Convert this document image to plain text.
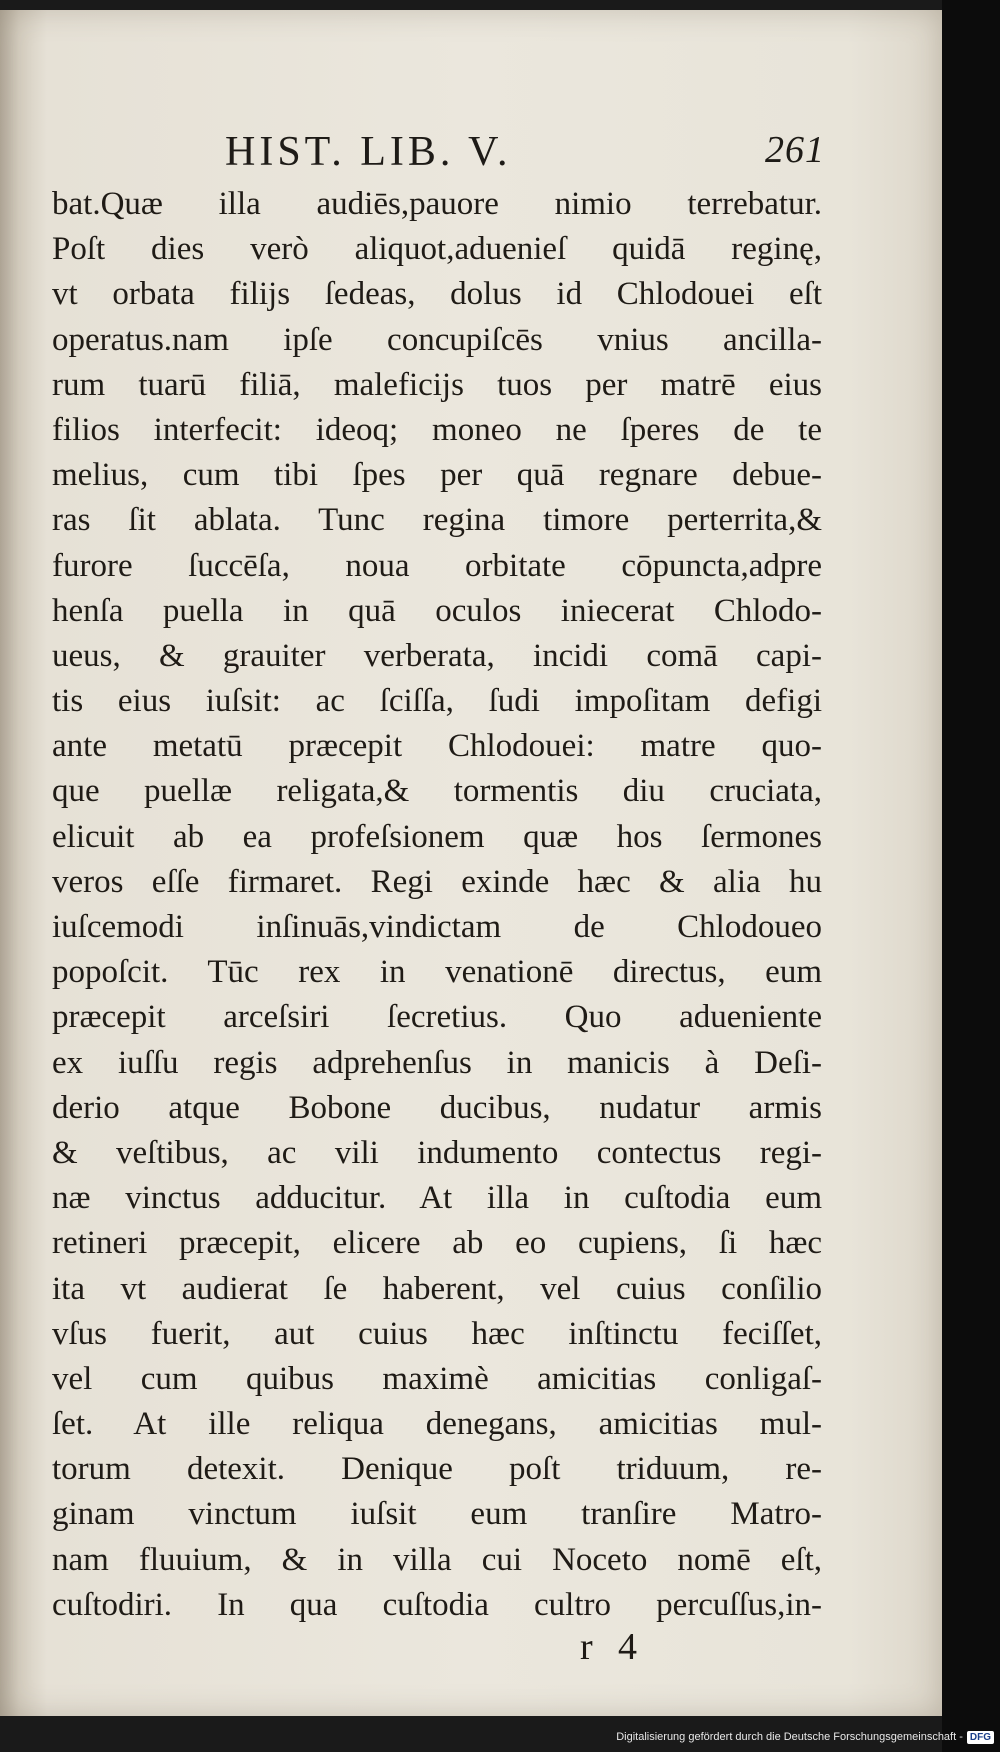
HIST. LIB. V.	261
bat.Quæ illa audiēs,pauore nimio terrebatur.
Poſt dies verò aliquot,aduenieſ quidā reginę,
vt orbata filijs ſedeas, dolus id Chlodouei eſt
operatus.nam ipſe concupiſcēs vnius ancilla-
rum tuarū filiā, maleficijs tuos per matrē eius
filios interfecit: ideoq; moneo ne ſperes de te
melius, cum tibi ſpes per quā regnare debue-
ras ſit ablata. Tunc regina timore perterrita,&
furore ſuccēſa, noua orbitate cōpuncta,adpre
henſa puella in quā oculos iniecerat Chlodo-
ueus, & grauiter verberata, incidi comā capi-
tis eius iuſsit: ac ſciſſa, ſudi impoſitam defigi
ante metatū præcepit Chlodouei: matre quo-
que puellæ religata,& tormentis diu cruciata,
elicuit ab ea profeſsionem quæ hos ſermones
veros eſſe firmaret. Regi exinde hæc & alia hu
iuſcemodi inſinuās,vindictam de Chlodoueo
popoſcit. Tūc rex in venationē directus, eum
præcepit arceſsiri ſecretius. Quo adueniente
ex iuſſu regis adprehenſus in manicis à Deſi-
derio atque Bobone ducibus, nudatur armis
& veſtibus, ac vili indumento contectus regi-
næ vinctus adducitur. At illa in cuſtodia eum
retineri præcepit, elicere ab eo cupiens, ſi hæc
ita vt audierat ſe haberent, vel cuius conſilio
vſus fuerit, aut cuius hæc inſtinctu feciſſet,
vel cum quibus maximè amicitias conligaſ-
ſet. At ille reliqua denegans, amicitias mul-
torum detexit. Denique poſt triduum, re-
ginam vinctum iuſsit eum tranſire Matro-
nam fluuium, & in villa cui Noceto nomē eſt,
cuſtodiri. In qua cuſtodia cultro percuſſus,in-
r 4
Digitalisierung gefördert durch die Deutsche Forschungsgemeinschaft - DFG
